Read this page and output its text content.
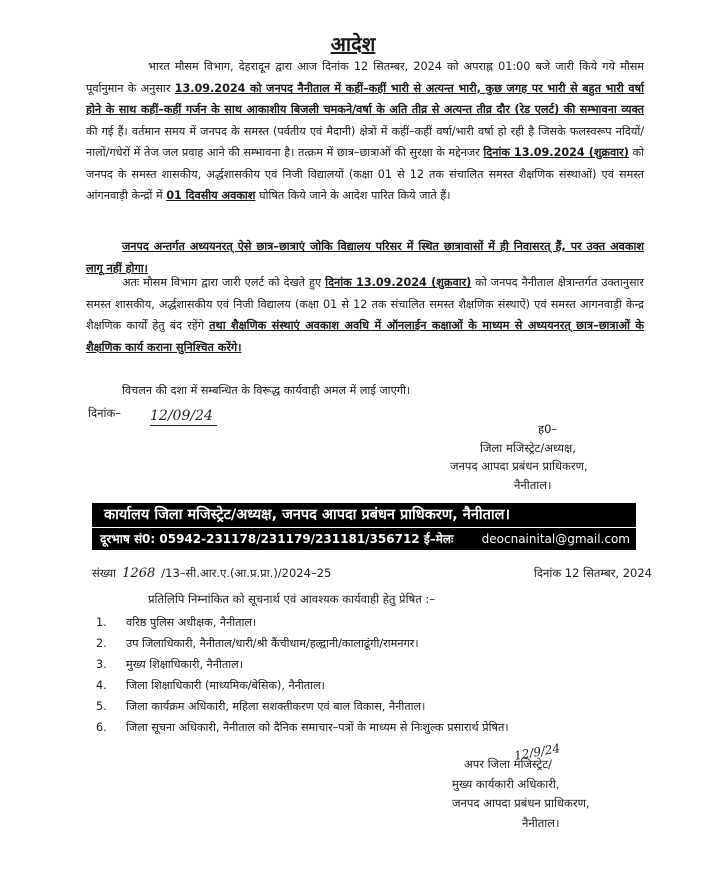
आदेश
भारत मौसम विभाग, देहरादून द्वारा आज दिनांक 12 सितम्बर, 2024 को अपराह्न 01:00 बजे जारी किये गये मौसम पूर्वानुमान के अनुसार 13.09.2024 को जनपद नैनीताल में कहीं–कहीं भारी से अत्यन्त भारी, कुछ जगह पर भारी से बहुत भारी वर्षा होने के साथ कहीं–कहीं गर्जन के साथ आकाशीय बिजली चमकने/वर्षा के अति तीव्र से अत्यन्त तीव्र दौर (रेड एलर्ट) की सम्भावना व्यक्त की गई हैं। वर्तमान समय में जनपद के समस्त (पर्वतीय एवं मैदानी) क्षेत्रों में कहीं–कहीं वर्षा/भारी वर्षा हो रही है जिसके फलस्वरूप नदियों/नालों/गधेरों में तेज जल प्रवाह आने की सम्भावना है। तत्क्रम में छात्र–छात्राओं की सुरक्षा के मद्देनजर दिनांक 13.09.2024 (शुक्रवार) को जनपद के समस्त शासकीय, अर्द्धशासकीय एवं निजी विद्यालयों (कक्षा 01 से 12 तक संचालित समस्त शैक्षणिक संस्थाओं) एवं समस्त आंगनवाड़ी केन्द्रों में 01 दिवसीय अवकाश घोषित किये जाने के आदेश पारित किये जाते हैं।
जनपद अन्तर्गत अध्ययनरत् ऐसे छात्र–छात्राएं जोकि विद्यालय परिसर में स्थित छात्रावासों में ही निवासरत् हैं, पर उक्त अवकाश लागू नहीं होगा।
अतः मौसम विभाग द्वारा जारी एलर्ट को देखते हुए दिनांक 13.09.2024 (शुक्रवार) को जनपद नैनीताल क्षेत्रान्तर्गत उक्तानुसार समस्त शासकीय, अर्द्धशासकीय एवं निजी विद्यालय (कक्षा 01 से 12 तक संचालित समस्त शैक्षणिक संस्थाऐं) एवं समस्त आगनवाड़ी केन्द्र शैक्षणिक कार्यों हेतु बंद रहेंगे तथा शैक्षणिक संस्थाएं अवकाश अवधि में ऑनलाईन कक्षाओं के माध्यम से अध्ययनरत् छात्र–छात्राओं के शैक्षणिक कार्य कराना सुनिश्चित करेंगे।
विचलन की दशा में सम्बन्धित के विरूद्ध कार्यवाही अमल में लाई जाएगी।
दिनांक– 12/09/24
ह0–
जिला मजिस्ट्रेट/अध्यक्ष,
जनपद आपदा प्रबंधन प्राधिकरण,
नैनीताल।
कार्यालय जिला मजिस्ट्रेट/अध्यक्ष, जनपद आपदा प्रबंधन प्राधिकरण, नैनीताल।
दूरभाष सं0: 05942-231178/231179/231181/356712 ई–मेलः deocnainital@gmail.com
संख्या 1268 /13–सी.आर.ए.(आ.प्र.प्रा.)/2024–25	दिनांक 12 सितम्बर, 2024
प्रतिलिपि निम्नांकित को सूचनार्थ एवं आवश्यक कार्यवाही हेतु प्रेषित :–
1. वरिष्ठ पुलिस अधीक्षक, नैनीताल।
2. उप जिलाधिकारी, नैनीताल/धारी/श्री कैंचीधाम/हल्द्वानी/कालाढूंगी/रामनगर।
3. मुख्य शिक्षाधिकारी, नैनीताल।
4. जिला शिक्षाधिकारी (माध्यमिक/बेसिक), नैनीताल।
5. जिला कार्यक्रम अधिकारी, महिला सशक्तीकरण एवं बाल विकास, नैनीताल।
6. जिला सूचना अधिकारी, नैनीताल को दैनिक समाचार–पत्रों के माध्यम से निःशुल्क प्रसारार्थ प्रेषित।
12/9/24
अपर जिला मजिस्ट्रेट/
मुख्य कार्यकारी अधिकारी,
जनपद आपदा प्रबंधन प्राधिकरण,
नैनीताल।
